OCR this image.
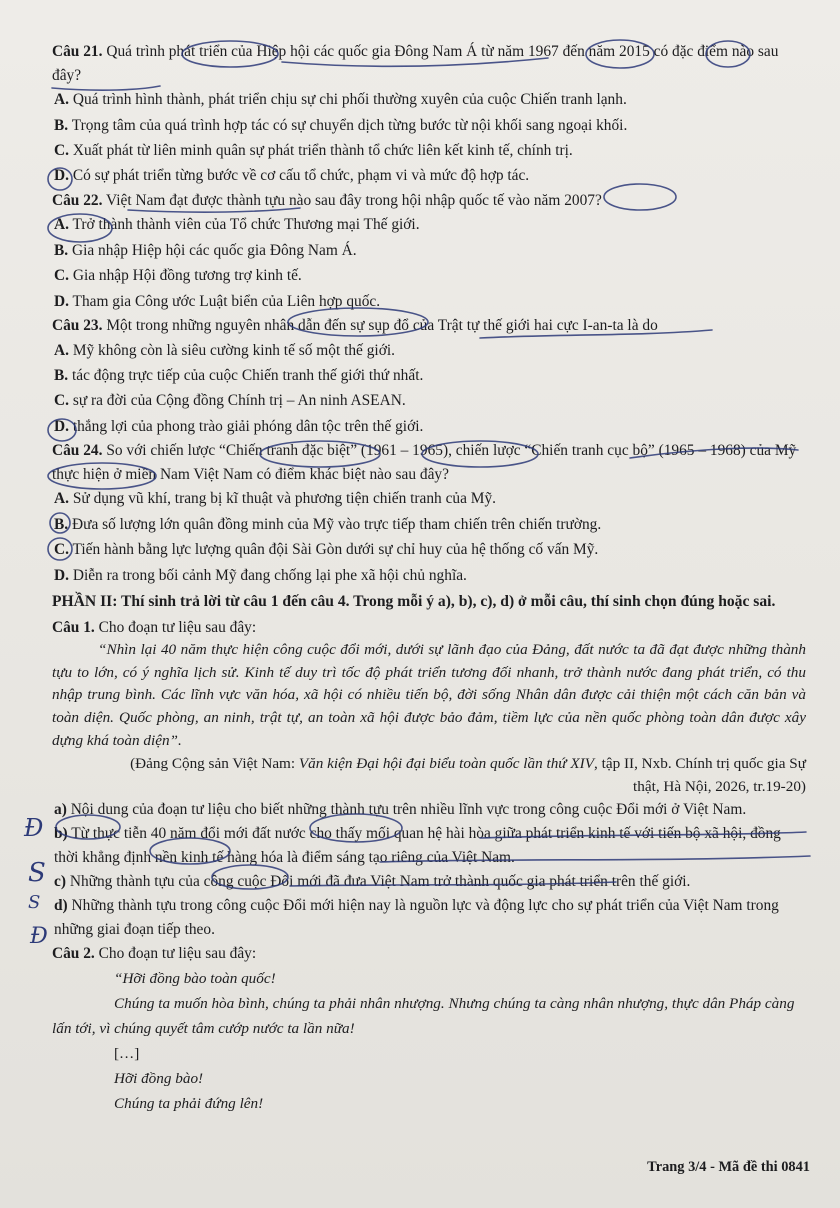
Câu 21. Quá trình phát triển của Hiệp hội các quốc gia Đông Nam Á từ năm 1967 đến năm 2015 có đặc điểm nào sau đây?

A. Quá trình hình thành, phát triển chịu sự chi phối thường xuyên của cuộc Chiến tranh lạnh.

B. Trọng tâm của quá trình hợp tác có sự chuyển dịch từng bước từ nội khối sang ngoại khối.

C. Xuất phát từ liên minh quân sự phát triển thành tổ chức liên kết kinh tế, chính trị.

D. Có sự phát triển từng bước về cơ cấu tổ chức, phạm vi và mức độ hợp tác.

Câu 22. Việt Nam đạt được thành tựu nào sau đây trong hội nhập quốc tế vào năm 2007?

A. Trở thành thành viên của Tổ chức Thương mại Thế giới.

B. Gia nhập Hiệp hội các quốc gia Đông Nam Á.

C. Gia nhập Hội đồng tương trợ kinh tế.

D. Tham gia Công ước Luật biển của Liên hợp quốc.

Câu 23. Một trong những nguyên nhân dẫn đến sự sụp đổ của Trật tự thế giới hai cực I-an-ta là do

A. Mỹ không còn là siêu cường kinh tế số một thế giới.

B. tác động trực tiếp của cuộc Chiến tranh thế giới thứ nhất.

C. sự ra đời của Cộng đồng Chính trị – An ninh ASEAN.

D. thắng lợi của phong trào giải phóng dân tộc trên thế giới.

Câu 24. So với chiến lược “Chiến tranh đặc biệt” (1961 – 1965), chiến lược “Chiến tranh cục bộ” (1965 – 1968) của Mỹ thực hiện ở miền Nam Việt Nam có điểm khác biệt nào sau đây?

A. Sử dụng vũ khí, trang bị kĩ thuật và phương tiện chiến tranh của Mỹ.

B. Đưa số lượng lớn quân đồng minh của Mỹ vào trực tiếp tham chiến trên chiến trường.

C. Tiến hành bằng lực lượng quân đội Sài Gòn dưới sự chỉ huy của hệ thống cố vấn Mỹ.

D. Diễn ra trong bối cảnh Mỹ đang chống lại phe xã hội chủ nghĩa.

PHẦN II: Thí sinh trả lời từ câu 1 đến câu 4. Trong mỗi ý a), b), c), d) ở mỗi câu, thí sinh chọn đúng hoặc sai.

Câu 1. Cho đoạn tư liệu sau đây:

“Nhìn lại 40 năm thực hiện công cuộc đổi mới, dưới sự lãnh đạo của Đảng, đất nước ta đã đạt được những thành tựu to lớn, có ý nghĩa lịch sử. Kinh tế duy trì tốc độ phát triển tương đối nhanh, trở thành nước đang phát triển, có thu nhập trung bình. Các lĩnh vực văn hóa, xã hội có nhiều tiến bộ, đời sống Nhân dân được cải thiện một cách căn bản và toàn diện. Quốc phòng, an ninh, trật tự, an toàn xã hội được bảo đảm, tiềm lực của nền quốc phòng toàn dân được xây dựng khá toàn diện”.

(Đảng Cộng sản Việt Nam: Văn kiện Đại hội đại biểu toàn quốc lần thứ XIV, tập II, Nxb. Chính trị quốc gia Sự thật, Hà Nội, 2026, tr.19-20)

a) Nội dung của đoạn tư liệu cho biết những thành tựu trên nhiều lĩnh vực trong công cuộc Đổi mới ở Việt Nam.

b) Từ thực tiễn 40 năm đổi mới đất nước cho thấy mối quan hệ hài hòa giữa phát triển kinh tế với tiến bộ xã hội, đồng thời khẳng định nền kinh tế hàng hóa là điểm sáng tạo riêng của Việt Nam.

c) Những thành tựu của công cuộc Đổi mới đã đưa Việt Nam trở thành quốc gia phát triển trên thế giới.

d) Những thành tựu trong công cuộc Đổi mới hiện nay là nguồn lực và động lực cho sự phát triển của Việt Nam trong những giai đoạn tiếp theo.

Câu 2. Cho đoạn tư liệu sau đây:

“Hỡi đồng bào toàn quốc!

Chúng ta muốn hòa bình, chúng ta phải nhân nhượng. Nhưng chúng ta càng nhân nhượng, thực dân Pháp càng lấn tới, vì chúng quyết tâm cướp nước ta lần nữa!

[…]

Hỡi đồng bào!

Chúng ta phải đứng lên!

Trang 3/4 - Mã đề thi 0841
Đ
S
S
Đ
